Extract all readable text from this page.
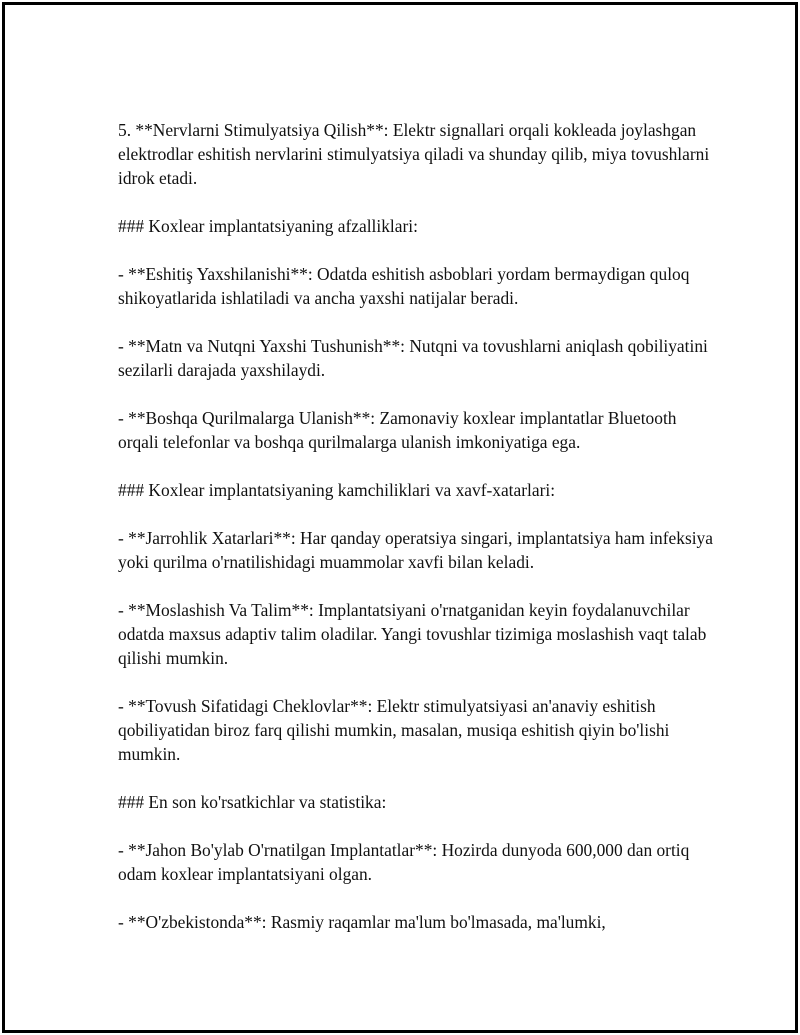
5. **Nervlarni Stimulyatsiya Qilish**: Elektr signallari orqali kokleada joylashgan elektrodlar eshitish nervlarini stimulyatsiya qiladi va shunday qilib, miya tovushlarni idrok etadi.

### Koxlear implantatsiyaning afzalliklari:

- **Eshitiş Yaxshilanishi**: Odatda eshitish asboblari yordam bermaydigan quloq shikoyatlarida ishlatiladi va ancha yaxshi natijalar beradi.

- **Matn va Nutqni Yaxshi Tushunish**: Nutqni va tovushlarni aniqlash qobiliyatini sezilarli darajada yaxshilaydi.

- **Boshqa Qurilmalarga Ulanish**: Zamonaviy koxlear implantatlar Bluetooth orqali telefonlar va boshqa qurilmalarga ulanish imkoniyatiga ega.

### Koxlear implantatsiyaning kamchiliklari va xavf-xatarlari:

- **Jarrohlik Xatarlari**: Har qanday operatsiya singari, implantatsiya ham infeksiya yoki qurilma o'rnatilishidagi muammolar xavfi bilan keladi.

- **Moslashish Va Talim**: Implantatsiyani o'rnatganidan keyin foydalanuvchilar odatda maxsus adaptiv talim oladilar. Yangi tovushlar tizimiga moslashish vaqt talab qilishi mumkin.

- **Tovush Sifatidagi Cheklovlar**: Elektr stimulyatsiyasi an'anaviy eshitish qobiliyatidan biroz farq qilishi mumkin, masalan, musiqa eshitish qiyin bo'lishi mumkin.

### En son ko'rsatkichlar va statistika:

- **Jahon Bo'ylab O'rnatilgan Implantatlar**: Hozirda dunyoda 600,000 dan ortiq odam koxlear implantatsiyani olgan.

- **O'zbekistonda**: Rasmiy raqamlar ma'lum bo'lmasada, ma'lumki,
